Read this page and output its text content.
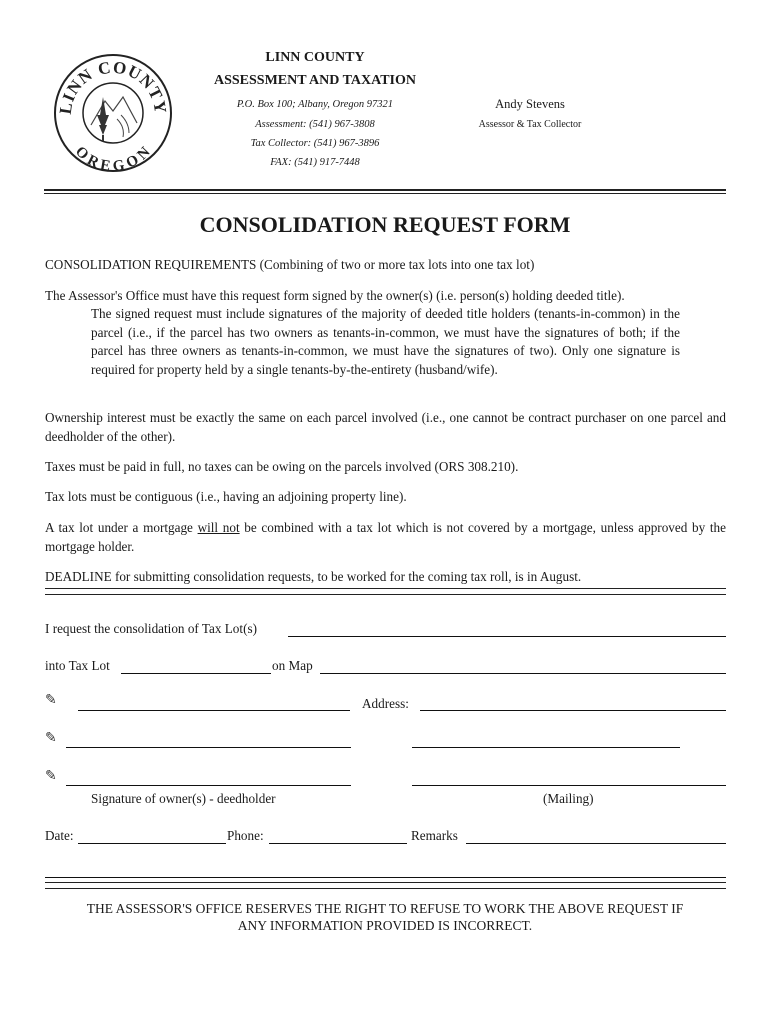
LINN COUNTY
OREGON
LINN COUNTY
ASSESSMENT AND TAXATION
P.O. Box 100; Albany, Oregon 97321
Assessment: (541) 967-3808
Tax Collector: (541) 967-3896
FAX: (541) 917-7448
Andy Stevens
Assessor & Tax Collector
CONSOLIDATION REQUEST FORM
CONSOLIDATION REQUIREMENTS (Combining of two or more tax lots into one tax lot)
The Assessor's Office must have this request form signed by the owner(s) (i.e. person(s) holding deeded title).
The signed request must include signatures of the majority of deeded title holders (tenants-in-common) in the parcel (i.e., if the parcel has two owners as tenants-in-common, we must have the signatures of both; if the parcel has three owners as tenants-in-common, we must have the signatures of two). Only one signature is required for property held by a single tenants-by-the-entirety (husband/wife).
Ownership interest must be exactly the same on each parcel involved (i.e., one cannot be contract purchaser on one parcel and deedholder of the other).
Taxes must be paid in full, no taxes can be owing on the parcels involved (ORS 308.210).
Tax lots must be contiguous (i.e., having an adjoining property line).
A tax lot under a mortgage will not be combined with a tax lot which is not covered by a mortgage, unless approved by the mortgage holder.
DEADLINE for submitting consolidation requests, to be worked for the coming tax roll, is in August.
I request the consolidation of Tax Lot(s)
into Tax Lot	on Map
✎	Address:
✎
✎
Signature of owner(s) - deedholder	(Mailing)
Date:	Phone:	Remarks
THE ASSESSOR'S OFFICE RESERVES THE RIGHT TO REFUSE TO WORK THE ABOVE REQUEST IF
ANY INFORMATION PROVIDED IS INCORRECT.
